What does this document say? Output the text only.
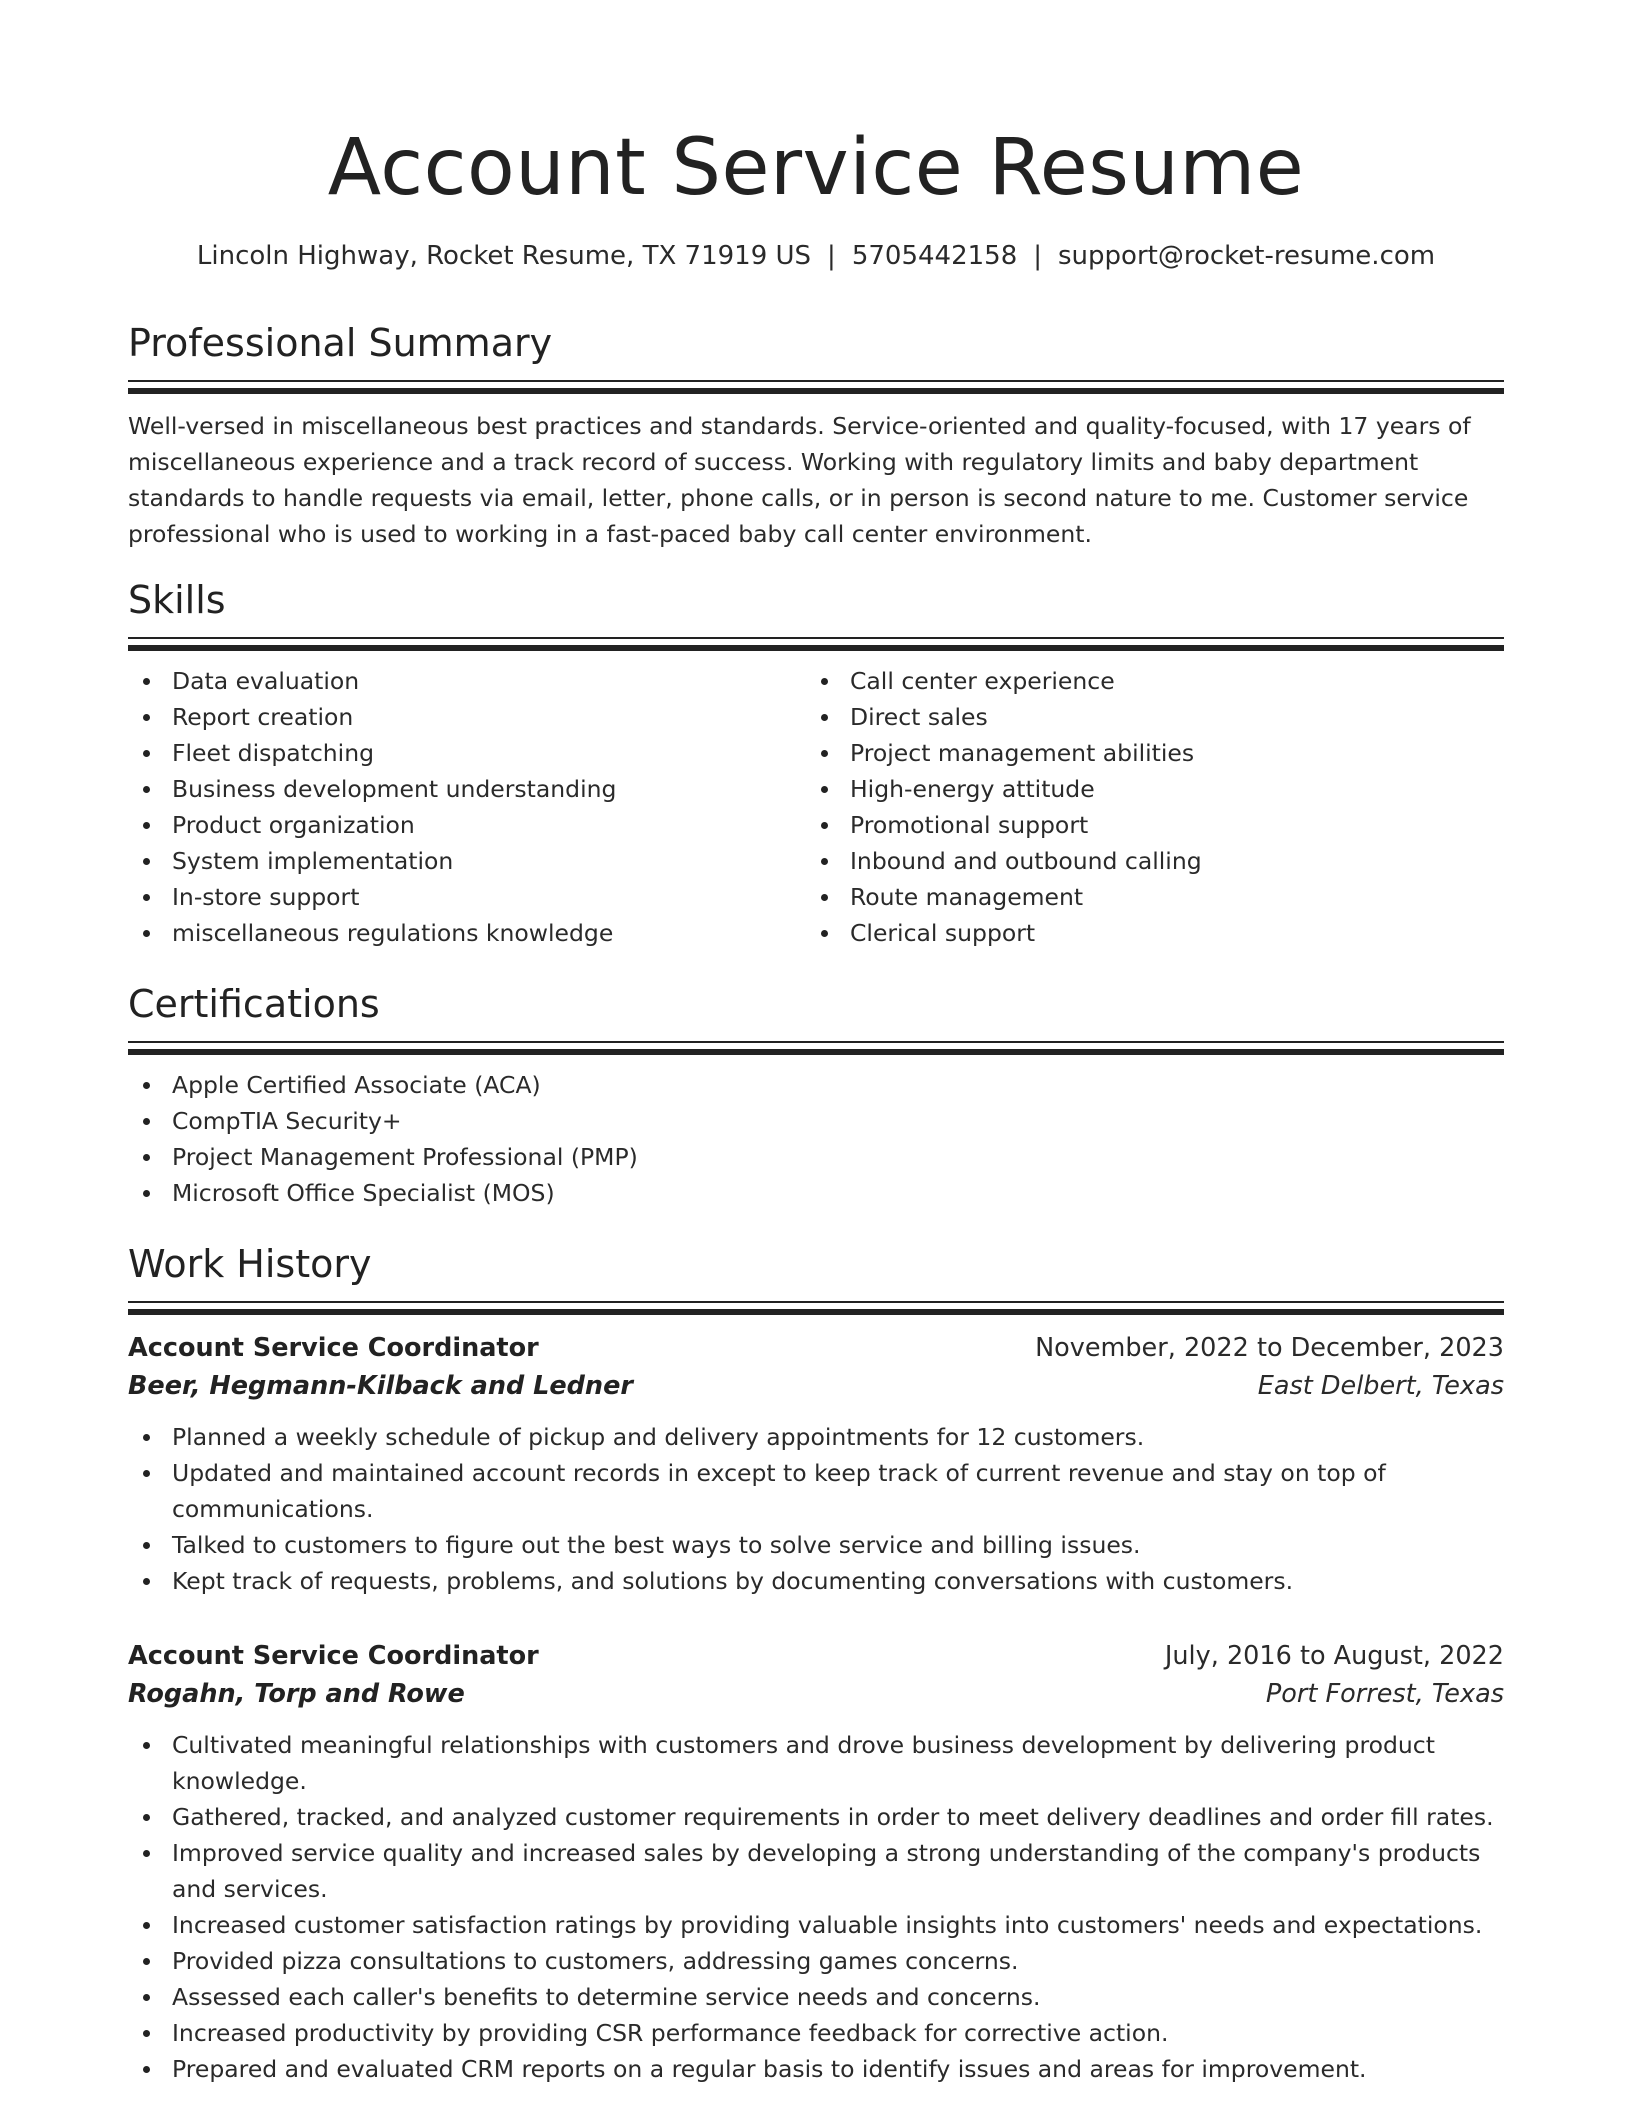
Account Service Resume
Lincoln Highway, Rocket Resume, TX 71919 US | 5705442158 | support@rocket-resume.com
Professional Summary

Well-versed in miscellaneous best practices and standards. Service-oriented and quality-focused, with 17 years of miscellaneous experience and a track record of success. Working with regulatory limits and baby department standards to handle requests via email, letter, phone calls, or in person is second nature to me. Customer service professional who is used to working in a fast-paced baby call center environment.

Skills
Data evaluation
Report creation
Fleet dispatching
Business development understanding
Product organization
System implementation
In-store support
miscellaneous regulations knowledge
Call center experience
Direct sales
Project management abilities
High-energy attitude
Promotional support
Inbound and outbound calling
Route management
Clerical support
Certifications
Apple Certified Associate (ACA)
CompTIA Security+
Project Management Professional (PMP)
Microsoft Office Specialist (MOS)
Work History
Account Service Coordinator	November, 2022 to December, 2023
Beer, Hegmann-Kilback and Ledner	East Delbert, Texas
Planned a weekly schedule of pickup and delivery appointments for 12 customers.
Updated and maintained account records in except to keep track of current revenue and stay on top of communications.
Talked to customers to figure out the best ways to solve service and billing issues.
Kept track of requests, problems, and solutions by documenting conversations with customers.
Account Service Coordinator	July, 2016 to August, 2022
Rogahn, Torp and Rowe	Port Forrest, Texas
Cultivated meaningful relationships with customers and drove business development by delivering product knowledge.
Gathered, tracked, and analyzed customer requirements in order to meet delivery deadlines and order fill rates.
Improved service quality and increased sales by developing a strong understanding of the company's products and services.
Increased customer satisfaction ratings by providing valuable insights into customers' needs and expectations.
Provided pizza consultations to customers, addressing games concerns.
Assessed each caller's benefits to determine service needs and concerns.
Increased productivity by providing CSR performance feedback for corrective action.
Prepared and evaluated CRM reports on a regular basis to identify issues and areas for improvement.
